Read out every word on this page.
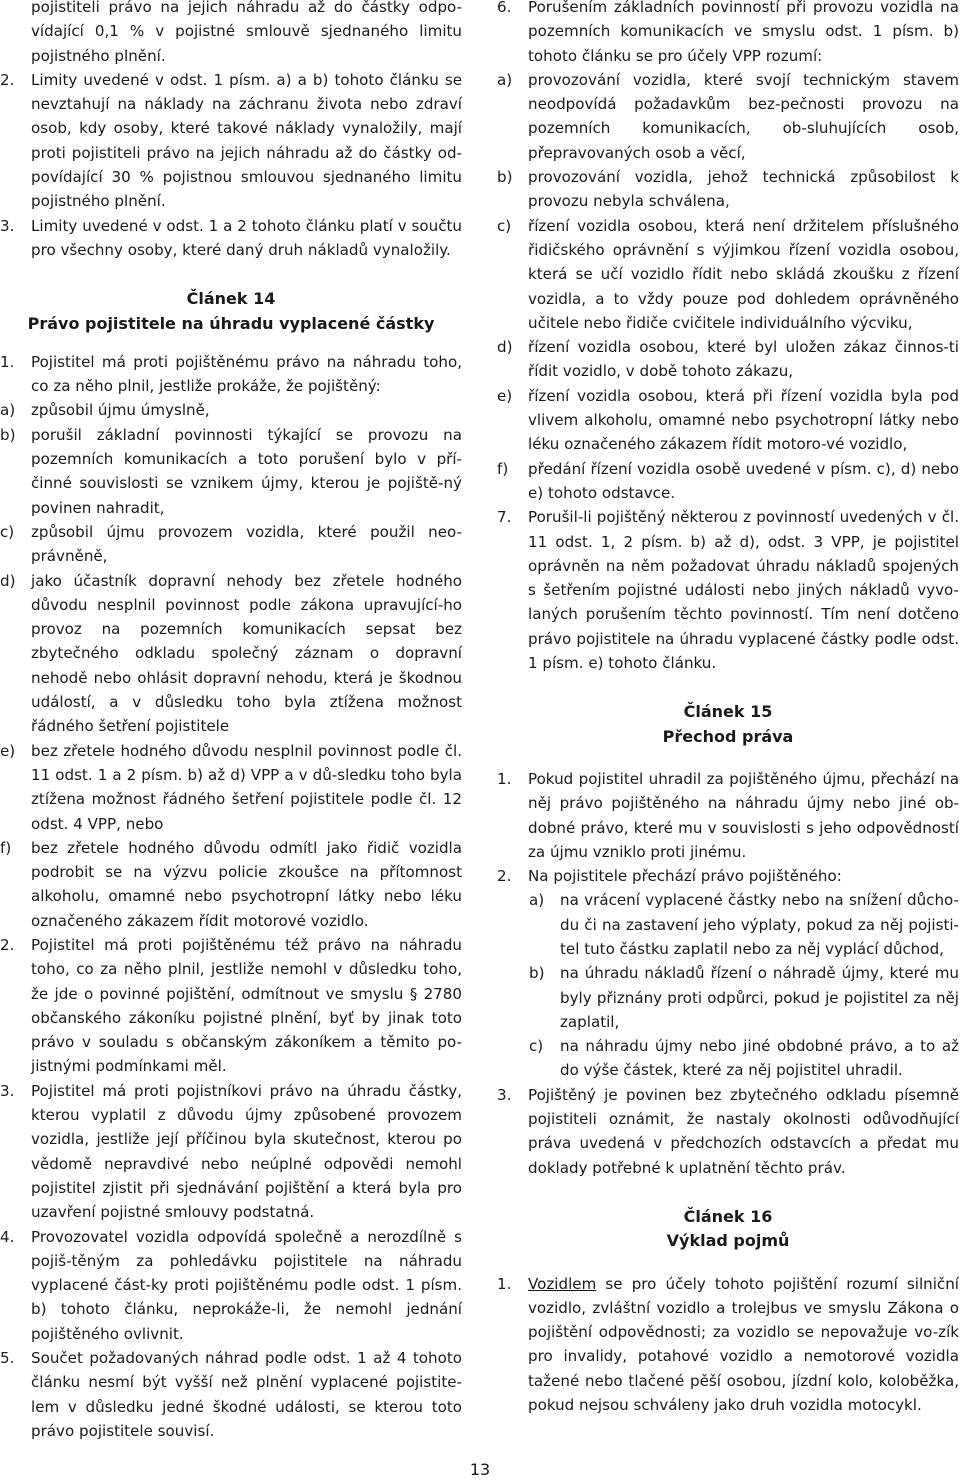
pojistiteli právo na jejich náhradu až do částky odpo-vídající 0,1 % v pojistné smlouvě sjednaného limitu pojistného plnění.
2. Limity uvedené v odst. 1 písm. a) a b) tohoto článku se nevztahují na náklady na záchranu života nebo zdraví osob, kdy osoby, které takové náklady vynaložily, mají proti pojistiteli právo na jejich náhradu až do částky od-povídající 30 % pojistnou smlouvou sjednaného limitu pojistného plnění.
3. Limity uvedené v odst. 1 a 2 tohoto článku platí v součtu pro všechny osoby, které daný druh nákladů vynaložily.
Článek 14
Právo pojistitele na úhradu vyplacené částky
1. Pojistitel má proti pojištěnému právo na náhradu toho, co za něho plnil, jestliže prokáže, že pojištěný:
a) způsobil újmu úmyslně,
b) porušil základní povinnosti týkající se provozu na pozemních komunikacích a toto porušení bylo v pří-činné souvislosti se vznikem újmy, kterou je pojiště-ný povinen nahradit,
c) způsobil újmu provozem vozidla, které použil neo-právněně,
d) jako účastník dopravní nehody bez zřetele hodného důvodu nesplnil povinnost podle zákona upravující-ho provoz na pozemních komunikacích sepsat bez zbytečného odkladu společný záznam o dopravní nehodě nebo ohlásit dopravní nehodu, která je škodnou událostí, a v důsledku toho byla ztížena možnost řádného šetření pojistitele
e) bez zřetele hodného důvodu nesplnil povinnost podle čl. 11 odst. 1 a 2 písm. b) až d) VPP a v dů-sledku toho byla ztížena možnost řádného šetření pojistitele podle čl. 12 odst. 4 VPP, nebo
f) bez zřetele hodného důvodu odmítl jako řidič vozidla podrobit se na výzvu policie zkoušce na přítomnost alkoholu, omamné nebo psychotropní látky nebo léku označeného zákazem řídit motorové vozidlo.
2. Pojistitel má proti pojištěnému též právo na náhradu toho, co za něho plnil, jestliže nemohl v důsledku toho, že jde o povinné pojištění, odmítnout ve smyslu § 2780 občanského zákoníku pojistné plnění, byť by jinak toto právo v souladu s občanským zákoníkem a těmito po-jistnými podmínkami měl.
3. Pojistitel má proti pojistníkovi právo na úhradu částky, kterou vyplatil z důvodu újmy způsobené provozem vozidla, jestliže její příčinou byla skutečnost, kterou po vědomě nepravdivé nebo neúplné odpovědi nemohl pojistitel zjistit při sjednávání pojištění a která byla pro uzavření pojistné smlouvy podstatná.
4. Provozovatel vozidla odpovídá společně a nerozdílně s pojiš-těným za pohledávku pojistitele na náhradu vyplacené část-ky proti pojištěnému podle odst. 1 písm. b) tohoto článku, neprokáže-li, že nemohl jednání pojištěného ovlivnit.
5. Součet požadovaných náhrad podle odst. 1 až 4 tohoto článku nesmí být vyšší než plnění vyplacené pojistite-lem v důsledku jedné škodné události, se kterou toto právo pojistitele souvisí.
6. Porušením základních povinností při provozu vozidla na pozemních komunikacích ve smyslu odst. 1 písm. b) tohoto článku se pro účely VPP rozumí:
a) provozování vozidla, které svojí technickým stavem neodpovídá požadavkům bez-pečnosti provozu na pozemních komunikacích, ob-sluhujících osob, přepravovaných osob a věcí,
b) provozování vozidla, jehož technická způsobilost k provozu nebyla schválena,
c) řízení vozidla osobou, která není držitelem příslušného řidičského oprávnění s výjimkou řízení vozidla osobou, která se učí vozidlo řídit nebo skládá zkoušku z řízení vozidla, a to vždy pouze pod dohledem oprávněného učitele nebo řidiče cvičitele individuálního výcviku,
d) řízení vozidla osobou, které byl uložen zákaz činnos-ti řídit vozidlo, v době tohoto zákazu,
e) řízení vozidla osobou, která při řízení vozidla byla pod vlivem alkoholu, omamné nebo psychotropní látky nebo léku označeného zákazem řídit motoro-vé vozidlo,
f) předání řízení vozidla osobě uvedené v písm. c), d) nebo e) tohoto odstavce.
7. Porušil-li pojištěný některou z povinností uvedených v čl. 11 odst. 1, 2 písm. b) až d), odst. 3 VPP, je pojistitel oprávněn na něm požadovat úhradu nákladů spojených s šetřením pojistné události nebo jiných nákladů vyvo-laných porušením těchto povinností. Tím není dotčeno právo pojistitele na úhradu vyplacené částky podle odst. 1 písm. e) tohoto článku.
Článek 15
Přechod práva
1. Pokud pojistitel uhradil za pojištěného újmu, přechází na něj právo pojištěného na náhradu újmy nebo jiné ob-dobné právo, které mu v souvislosti s jeho odpovědností za újmu vzniklo proti jinému.
2. Na pojistitele přechází právo pojištěného:
a) na vrácení vyplacené částky nebo na snížení důcho-du či na zastavení jeho výplaty, pokud za něj pojisti-tel tuto částku zaplatil nebo za něj vyplácí důchod,
b) na úhradu nákladů řízení o náhradě újmy, které mu byly přiznány proti odpůrci, pokud je pojistitel za něj zaplatil,
c) na náhradu újmy nebo jiné obdobné právo, a to až do výše částek, které za něj pojistitel uhradil.
3. Pojištěný je povinen bez zbytečného odkladu písemně pojistiteli oznámit, že nastaly okolnosti odůvodňující práva uvedená v předchozích odstavcích a předat mu doklady potřebné k uplatnění těchto práv.
Článek 16
Výklad pojmů
1. Vozidlem se pro účely tohoto pojištění rozumí silniční vozidlo, zvláštní vozidlo a trolejbus ve smyslu Zákona o pojištění odpovědnosti; za vozidlo se nepovažuje vo-zík pro invalidy, potahové vozidlo a nemotorové vozidla tažené nebo tlačené pěší osobou, jízdní kolo, koloběžka, pokud nejsou schváleny jako druh vozidla motocykl.
13
